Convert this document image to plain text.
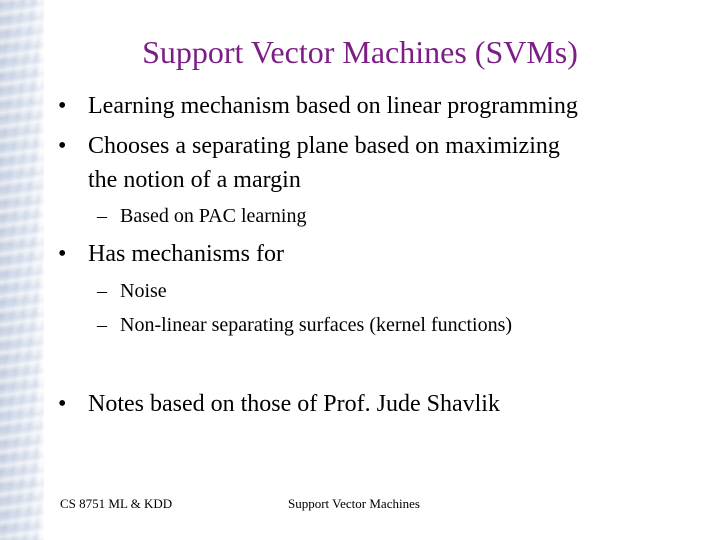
Support Vector Machines (SVMs)
• Learning mechanism based on linear programming
• Chooses a separating plane based on maximizing
the notion of a margin
– Based on PAC learning
• Has mechanisms for
– Noise
– Non-linear separating surfaces (kernel functions)
• Notes based on those of Prof. Jude Shavlik
CS 8751 ML & KDD	Support Vector Machines
